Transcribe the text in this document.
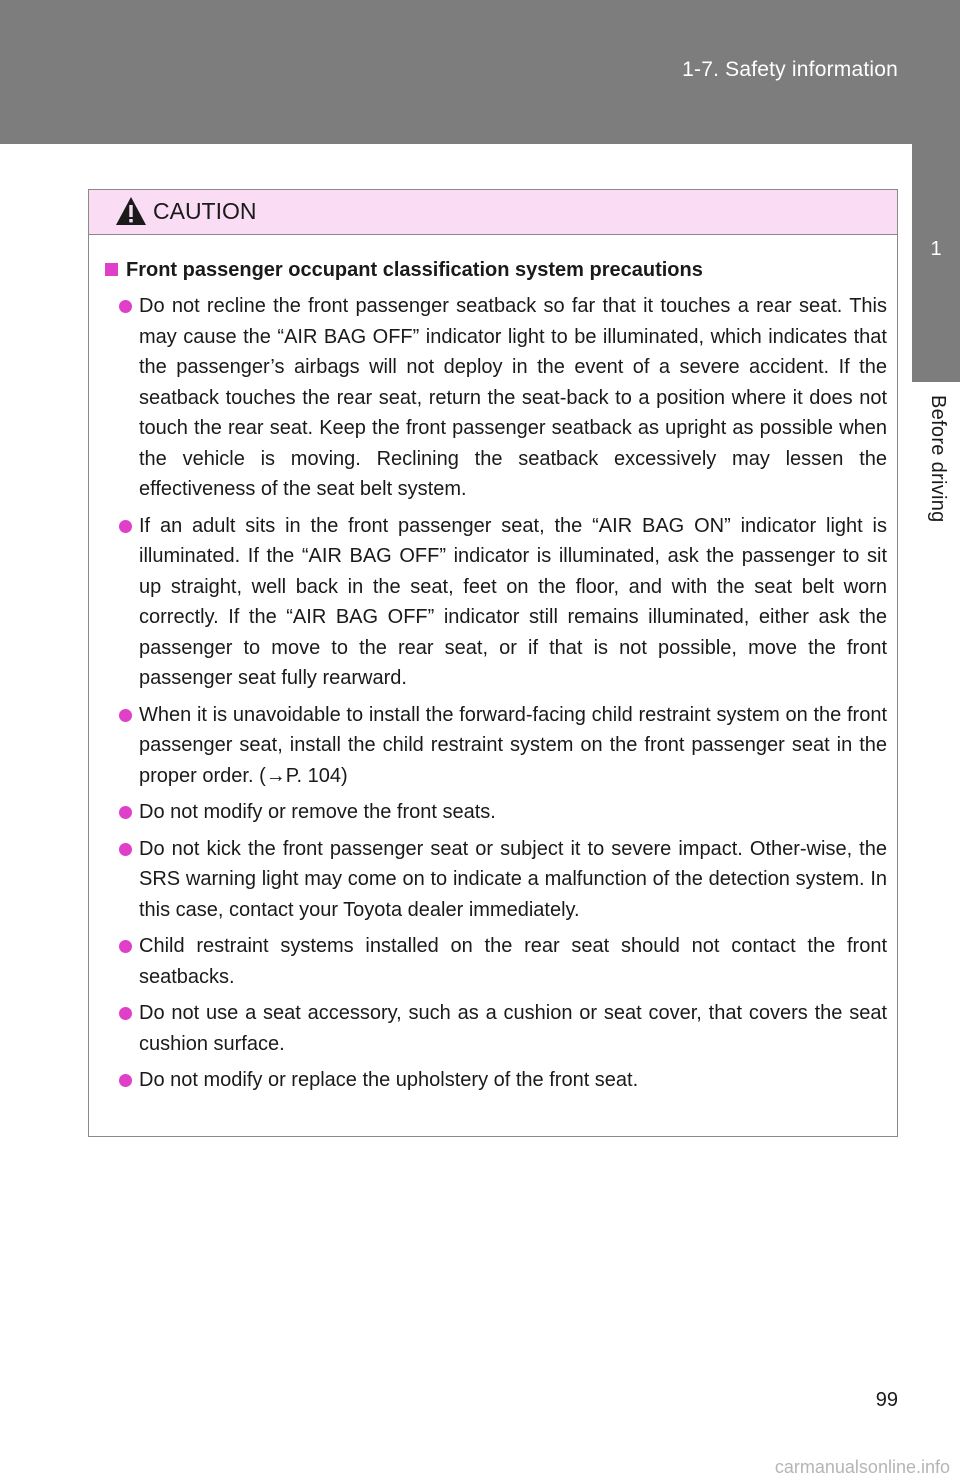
1-7. Safety information
1
Before driving
CAUTION
Front passenger occupant classification system precautions
Do not recline the front passenger seatback so far that it touches a rear seat. This may cause the “AIR BAG OFF” indicator light to be illuminated, which indicates that the passenger’s airbags will not deploy in the event of a severe accident. If the seatback touches the rear seat, return the seat-back to a position where it does not touch the rear seat. Keep the front passenger seatback as upright as possible when the vehicle is moving. Reclining the seatback excessively may lessen the effectiveness of the seat belt system.
If an adult sits in the front passenger seat, the “AIR BAG ON” indicator light is illuminated. If the “AIR BAG OFF” indicator is illuminated, ask the passenger to sit up straight, well back in the seat, feet on the floor, and with the seat belt worn correctly. If the “AIR BAG OFF” indicator still remains illuminated, either ask the passenger to move to the rear seat, or if that is not possible, move the front passenger seat fully rearward.
When it is unavoidable to install the forward-facing child restraint system on the front passenger seat, install the child restraint system on the front passenger seat in the proper order. (→P. 104)
Do not modify or remove the front seats.
Do not kick the front passenger seat or subject it to severe impact. Other-wise, the SRS warning light may come on to indicate a malfunction of the detection system. In this case, contact your Toyota dealer immediately.
Child restraint systems installed on the rear seat should not contact the front seatbacks.
Do not use a seat accessory, such as a cushion or seat cover, that covers the seat cushion surface.
Do not modify or replace the upholstery of the front seat.
99
carmanualsonline.info
